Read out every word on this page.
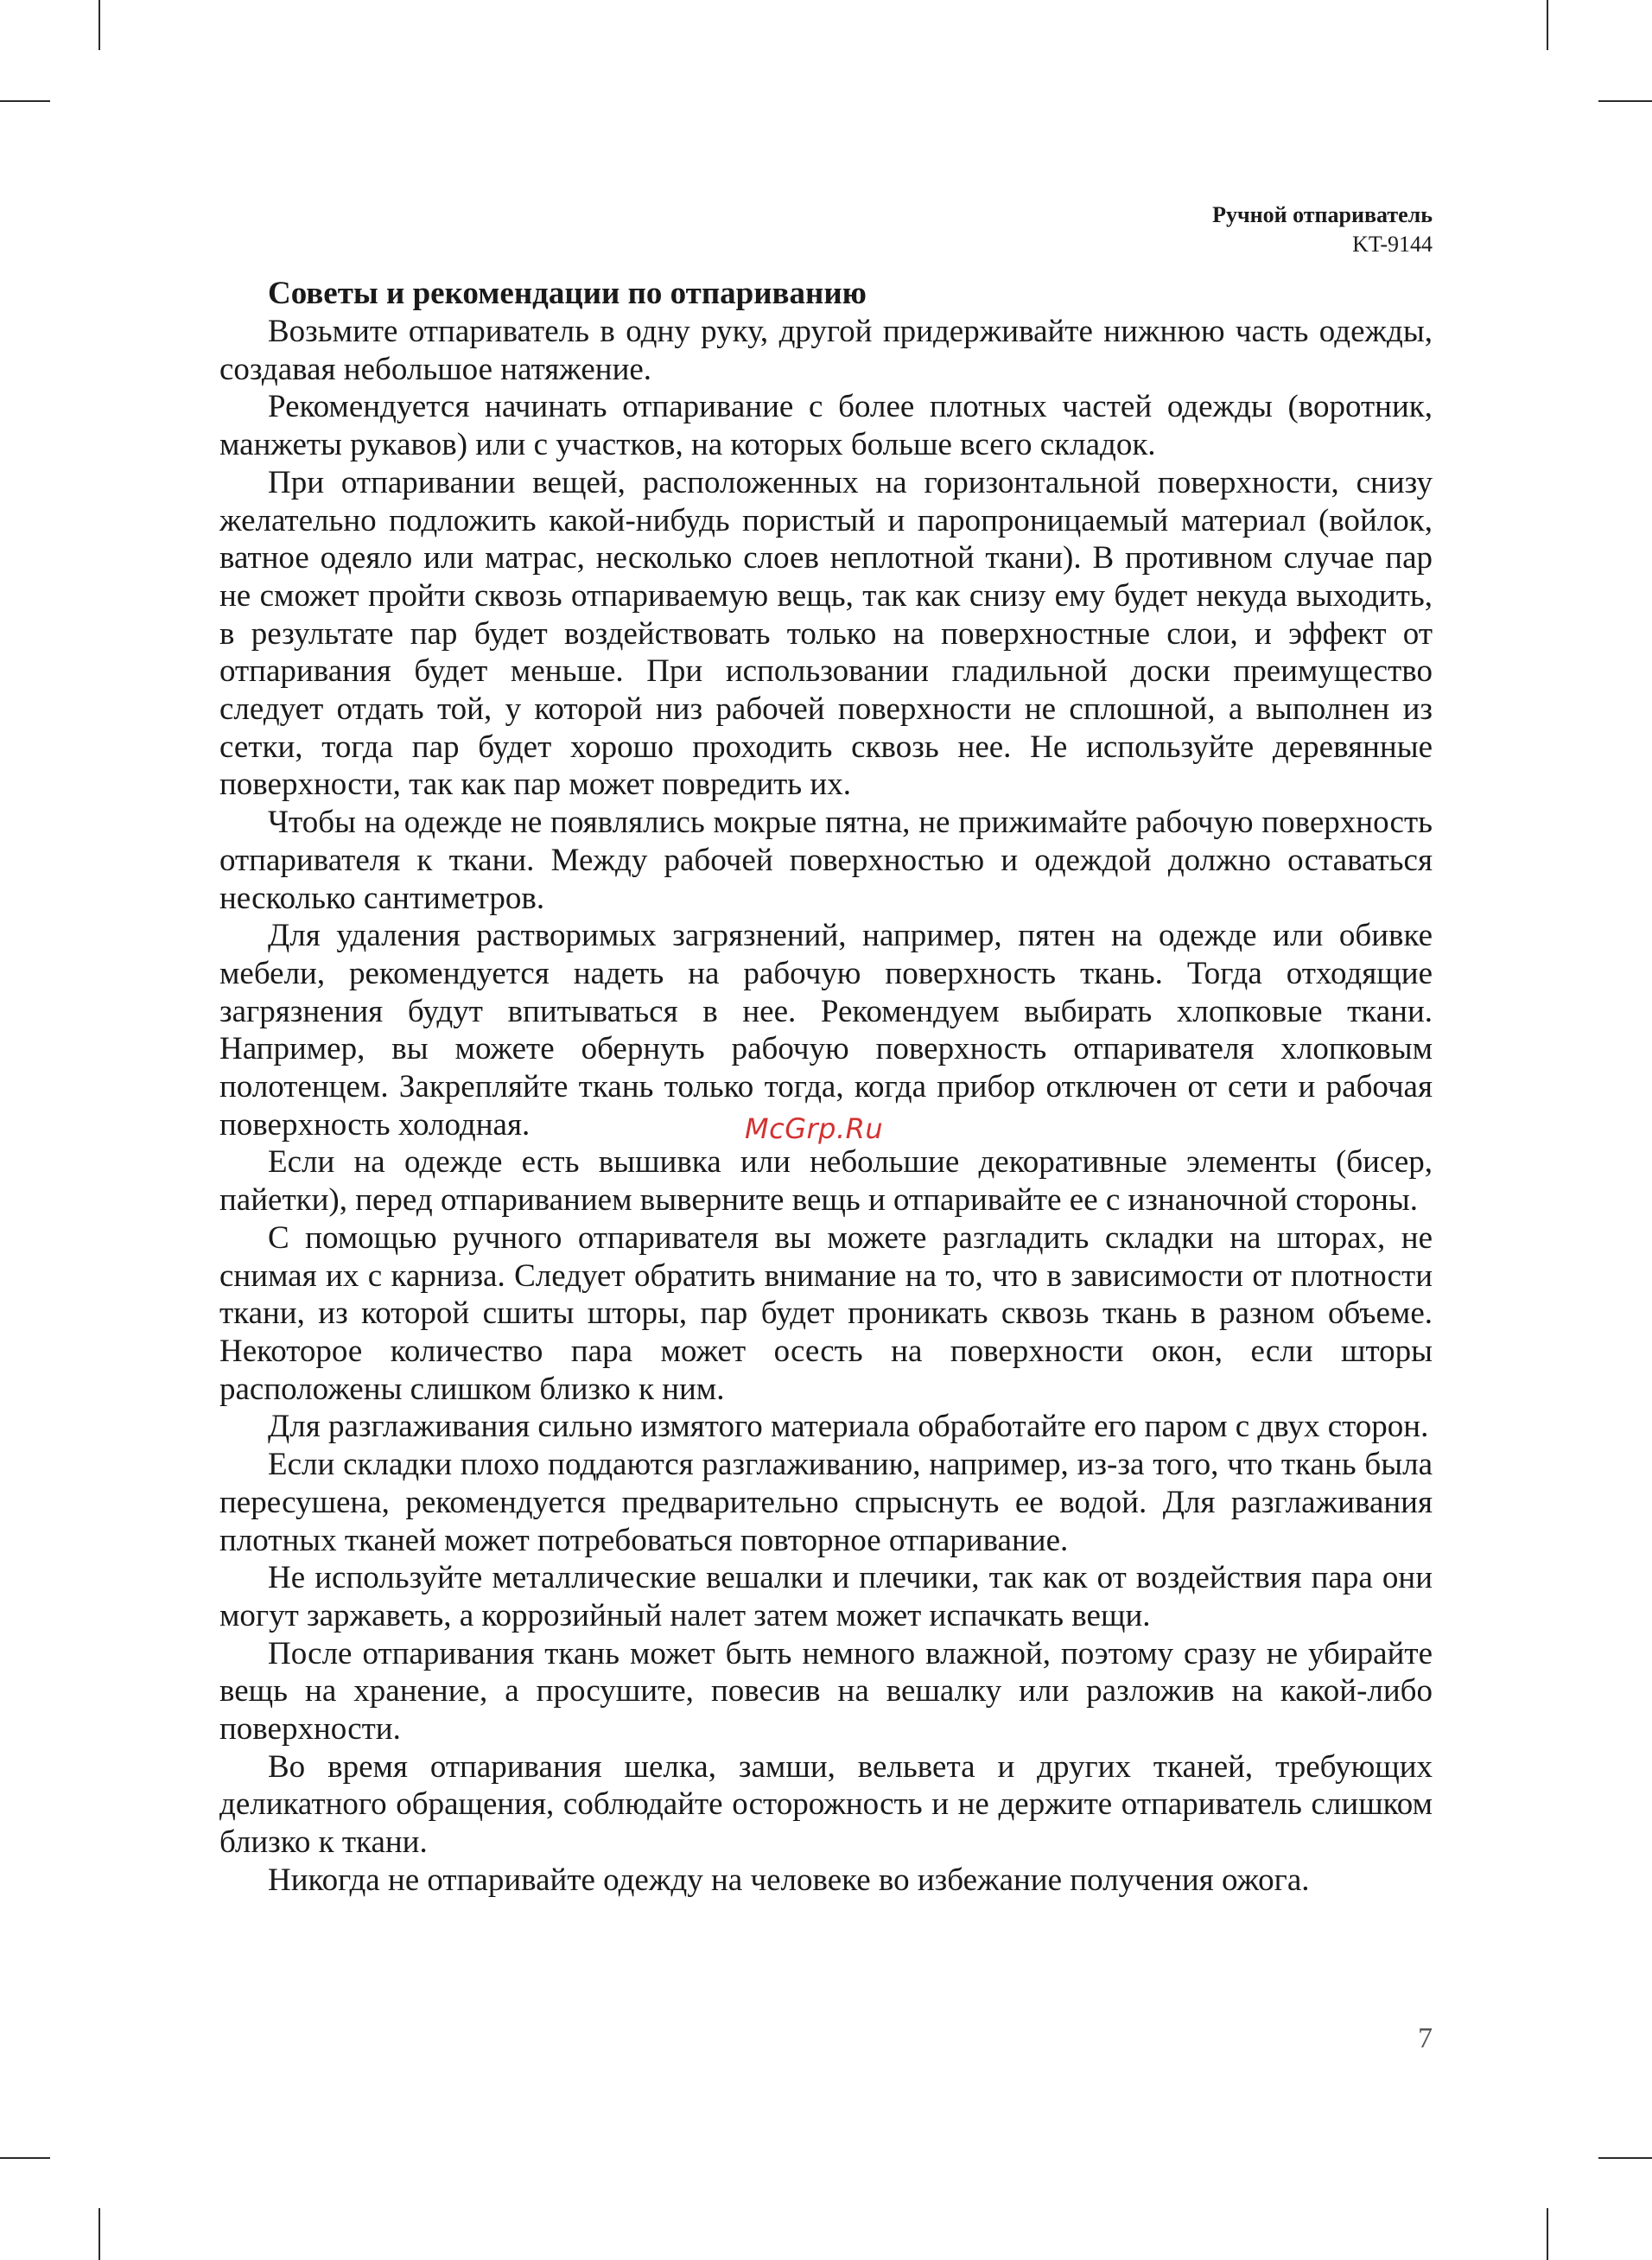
Ручной отпариватель
KT-9144
Советы и рекомендации по отпариванию

Возьмите отпариватель в одну руку, другой придерживайте нижнюю часть одежды, создавая небольшое натяжение.

Рекомендуется начинать отпаривание с более плотных частей одежды (воротник, манжеты рукавов) или с участков, на которых больше всего складок.

При отпаривании вещей, расположенных на горизонтальной поверхности, снизу желательно подложить какой-нибудь пористый и паропроницаемый материал (войлок, ватное одеяло или матрас, несколько слоев неплотной ткани). В противном случае пар не сможет пройти сквозь отпариваемую вещь, так как снизу ему будет некуда выходить, в результате пар будет воздействовать только на поверхностные слои, и эффект от отпаривания будет меньше. При использовании гладильной доски преимущество следует отдать той, у которой низ рабочей поверхности не сплошной, а выполнен из сетки, тогда пар будет хорошо проходить сквозь нее. Не используйте деревянные поверхности, так как пар может повредить их.

Чтобы на одежде не появлялись мокрые пятна, не прижимайте рабочую поверхность отпаривателя к ткани. Между рабочей поверхностью и одеждой должно оставаться несколько сантиметров.

Для удаления растворимых загрязнений, например, пятен на одежде или обивке мебели, рекомендуется надеть на рабочую поверхность ткань. Тогда отходящие загрязнения будут впитываться в нее. Рекомендуем выбирать хлопковые ткани. Например, вы можете обернуть рабочую поверхность отпаривателя хлопковым полотенцем. Закрепляйте ткань только тогда, когда прибор отключен от сети и рабочая поверхность холодная.

Если на одежде есть вышивка или небольшие декоративные элементы (бисер, пайетки), перед отпариванием выверните вещь и отпаривайте ее с изнаночной стороны.

С помощью ручного отпаривателя вы можете разгладить складки на шторах, не снимая их с карниза. Следует обратить внимание на то, что в зависимости от плотности ткани, из которой сшиты шторы, пар будет проникать сквозь ткань в разном объеме. Некоторое количество пара может осесть на поверхности окон, если шторы расположены слишком близко к ним.

Для разглаживания сильно измятого материала обработайте его паром с двух сторон.

Если складки плохо поддаются разглаживанию, например, из-за того, что ткань была пересушена, рекомендуется предварительно спрыснуть ее водой. Для разглаживания плотных тканей может потребоваться повторное отпаривание.

Не используйте металлические вешалки и плечики, так как от воздействия пара они могут заржаветь, а коррозийный налет затем может испачкать вещи.

После отпаривания ткань может быть немного влажной, поэтому сразу не убирайте вещь на хранение, а просушите, повесив на вешалку или разложив на какой-либо поверхности.

Во время отпаривания шелка, замши, вельвета и других тканей, требующих деликатного обращения, соблюдайте осторожность и не держите отпариватель слишком близко к ткани.

Никогда не отпаривайте одежду на человеке во избежание получения ожога.

McGrp.Ru
7
